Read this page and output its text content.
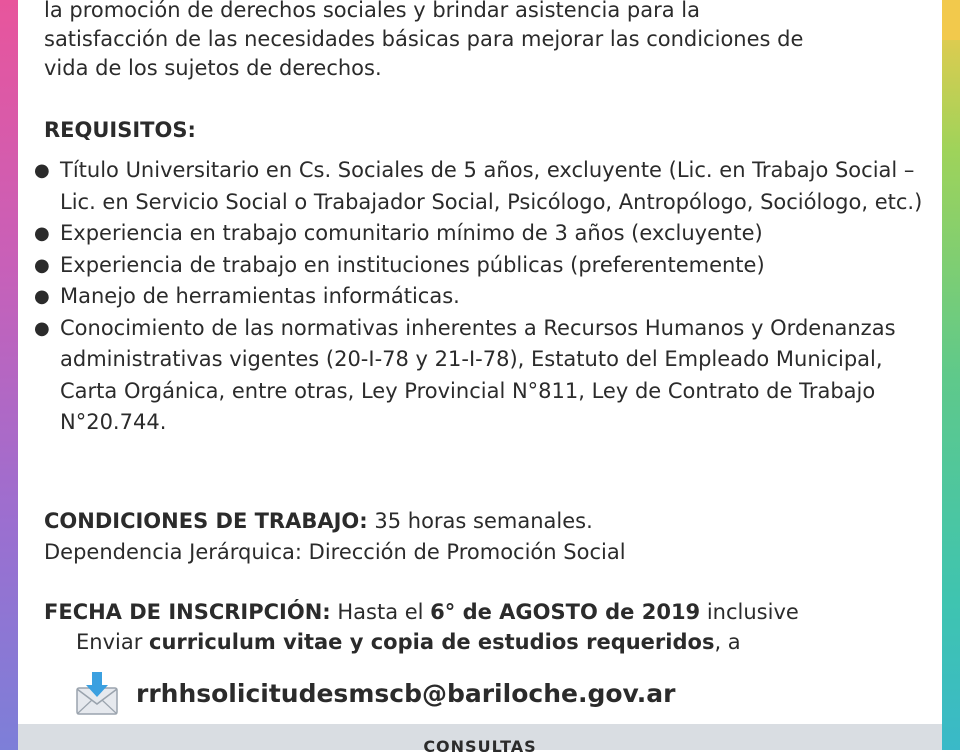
la promoción de derechos sociales y brindar asistencia para la
satisfacción de las necesidades básicas para mejorar las condiciones de
vida de los sujetos de derechos.
REQUISITOS:
● Título Universitario en Cs. Sociales de 5 años, excluyente (Lic. en Trabajo Social – Lic. en Servicio Social o Trabajador Social, Psicólogo, Antropólogo, Sociólogo, etc.)
● Experiencia en trabajo comunitario mínimo de 3 años (excluyente)
● Experiencia de trabajo en instituciones públicas (preferentemente)
● Manejo de herramientas informáticas.
● Conocimiento de las normativas inherentes a Recursos Humanos y Ordenanzas administrativas vigentes (20-I-78 y 21-I-78), Estatuto del Empleado Municipal, Carta Orgánica, entre otras, Ley Provincial N°811, Ley de Contrato de Trabajo N°20.744.
CONDICIONES DE TRABAJO: 35 horas semanales.
Dependencia Jerárquica: Dirección de Promoción Social
FECHA DE INSCRIPCIÓN: Hasta el 6° de AGOSTO de 2019 inclusive
Enviar curriculum vitae y copia de estudios requeridos, a
rrhhsolicitudesmscb@bariloche.gov.ar
CONSULTAS
